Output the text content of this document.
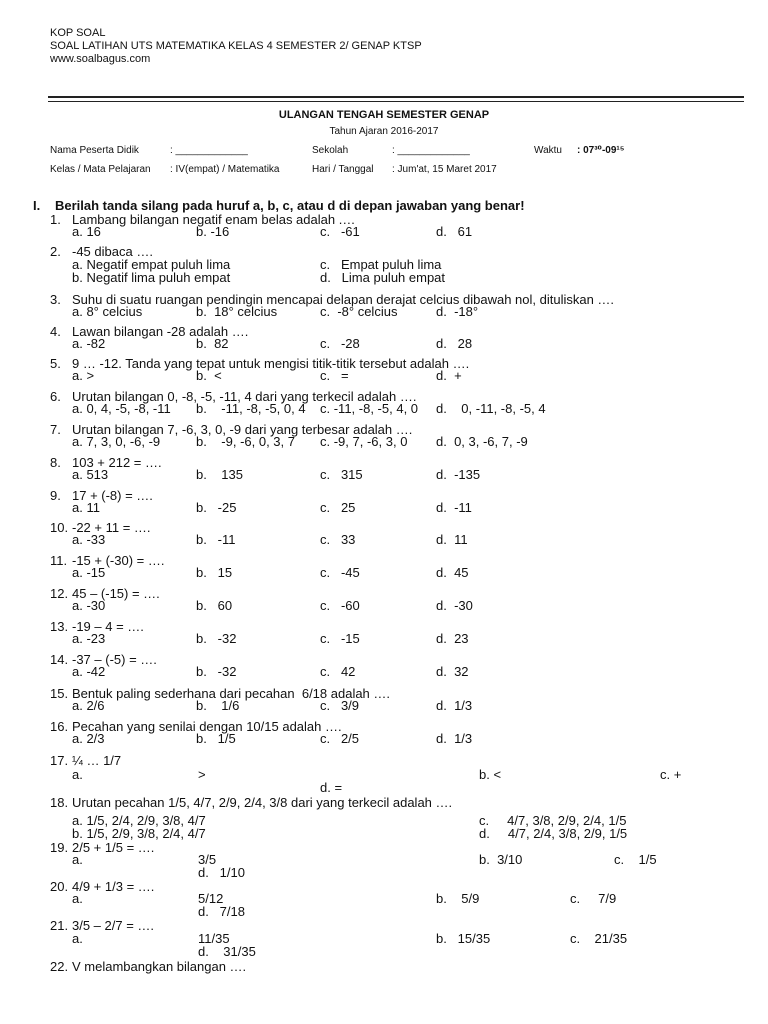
KOP SOAL
SOAL LATIHAN UTS MATEMATIKA KELAS 4 SEMESTER 2/ GENAP KTSP
www.soalbagus.com
ULANGAN TENGAH SEMESTER GENAP
Tahun Ajaran 2016-2017
Nama Peserta Didik	: _____________	Sekolah	: _____________	Waktu : 07³⁰-09¹⁵
Kelas / Mata Pelajaran : IV(empat) / Matematika	Hari / Tanggal : Jum'at, 15 Maret 2017
I. Berilah tanda silang pada huruf a, b, c, atau d di depan jawaban yang benar!
1. Lambang bilangan negatif enam belas adalah .…
a. 16	b. -16	c.   -61	d.   61
2. -45 dibaca ….
a. Negatif empat puluh lima	c.   Empat puluh lima
b. Negatif lima puluh empat	d.   Lima puluh empat
3. Suhu di suatu ruangan pendingin mencapai delapan derajat celcius dibawah nol, dituliskan ….
a. 8° celcius	b.  18° celcius	c.  -8° celcius	d.  -18°
4. Lawan bilangan -28 adalah ….
a. -82	b.  82	c.   -28	d.   28
5. 9 … -12. Tanda yang tepat untuk mengisi titik-titik tersebut adalah ….
a. >	b.  <	c.   =	d.  +
6. Urutan bilangan 0, -8, -5, -11, 4 dari yang terkecil adalah ….
a. 0, 4, -5, -8, -11 b.    -11, -8, -5, 0, 4 c. -11, -8, -5, 4, 0 d.    0, -11, -8, -5, 4
7. Urutan bilangan 7, -6, 3, 0, -9 dari yang terbesar adalah ….
a. 7, 3, 0, -6, -9	b.    -9, -6, 0, 3, 7 c. -9, 7, -6, 3, 0 d.  0, 3, -6, 7, -9
8. 103 + 212 = ….
a. 513	b.    135	c.   315	d.  -135
9. 17 + (-8) = ….
a. 11	b.   -25	c.   25	d.  -11
10. -22 + 11 = ….
a. -33	b.   -11	c.   33	d.  11
11. -15 + (-30) = ….
a. -15	b.   15	c.   -45	d.  45
12. 45 – (-15) = ….
a. -30	b.   60	c.   -60	d.  -30
13. -19 – 4 = ….
a. -23	b.   -32	c.   -15	d.  23
14. -37 – (-5) = ….
a. -42	b.   -32	c.   42	d.  32
15. Bentuk paling sederhana dari pecahan  6/18 adalah ….
a. 2/6	b.    1/6	c.   3/9	d.  1/3
16. Pecahan yang senilai dengan 10/15 adalah ….
a. 2/3	b.   1/5	c.   2/5	d.  1/3
17. ¼ … 1/7
a.	>	b. <	c. +
d. =
18. Urutan pecahan 1/5, 4/7, 2/9, 2/4, 3/8 dari yang terkecil adalah ….
a. 1/5, 2/4, 2/9, 3/8, 4/7	c.     4/7, 3/8, 2/9, 2/4, 1/5
b. 1/5, 2/9, 3/8, 2/4, 4/7	d.     4/7, 2/4, 3/8, 2/9, 1/5
19. 2/5 + 1/5 = ….
a.	3/5	b.  3/10	c.    1/5
d.   1/10
20. 4/9 + 1/3 = ….
a.	5/12	b.    5/9	c.     7/9
d.   7/18
21. 3/5 – 2/7 = ….
a.	11/35	b.   15/35	c.    21/35
d.    31/35
22. V melambangkan bilangan ….
